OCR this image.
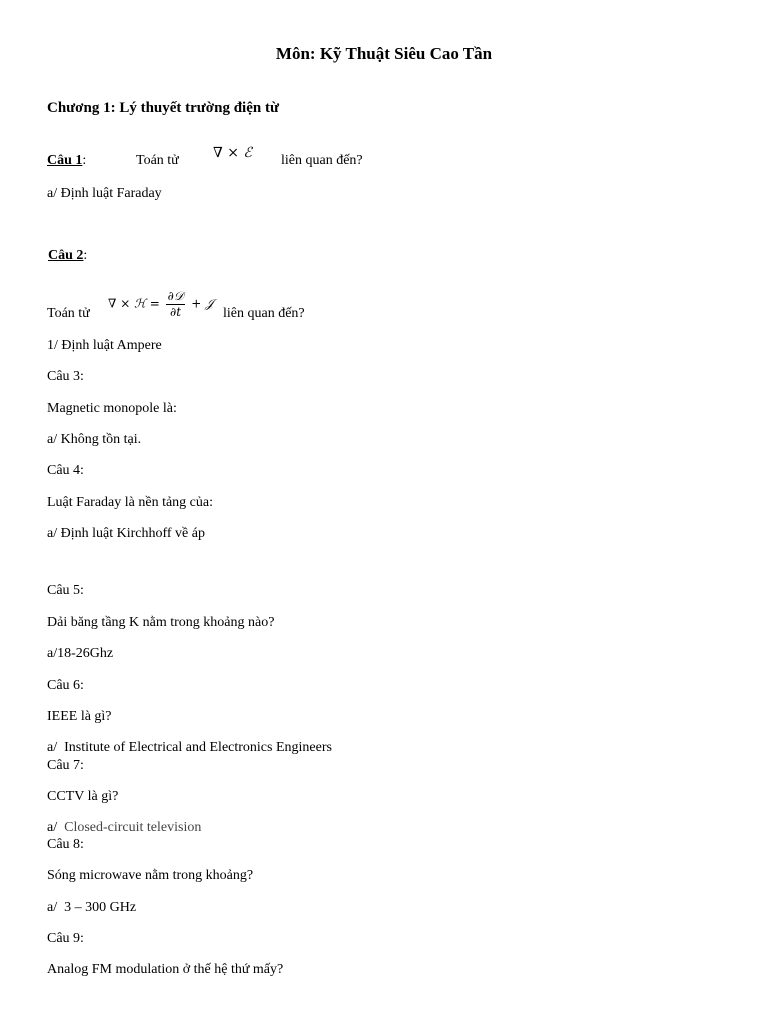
Môn: Kỹ Thuật Siêu Cao Tần
Chương 1: Lý thuyết trường điện từ
Câu 1:	Toán tử ∇ × ℰ liên quan đến?
a/ Định luật Faraday
Câu 2:
Toán tử
∇ × ℋ =
∂𝒟
∂t
+ 𝒥
liên quan đến?
1/ Định luật Ampere
Câu 3:
Magnetic monopole là:
a/ Không tồn tại.
Câu 4:
Luật Faraday là nền tảng của:
a/ Định luật Kirchhoff về áp
Câu 5:
Dải băng tầng K nằm trong khoảng nào?
a/18-26Ghz
Câu 6:
IEEE là gì?
a/ Institute of Electrical and Electronics Engineers
Câu 7:
CCTV là gì?
a/ Closed-circuit television
Câu 8:
Sóng microwave nằm trong khoảng?
a/ 3 – 300 GHz
Câu 9:
Analog FM modulation ở thế hệ thứ mấy?
